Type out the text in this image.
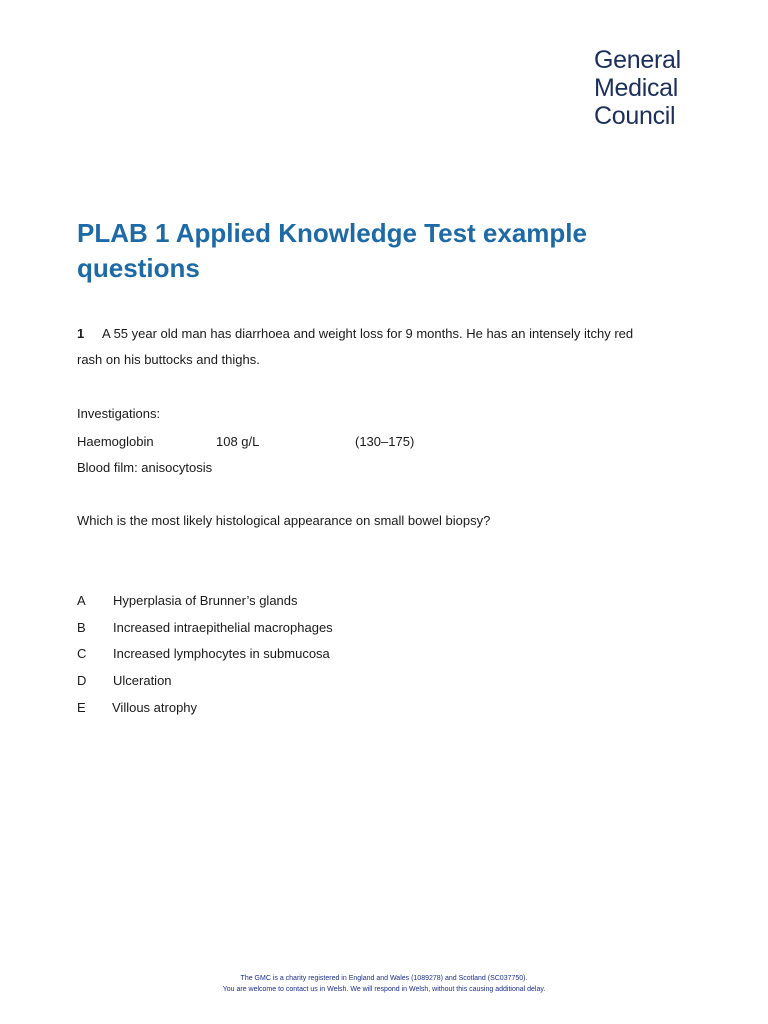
General
Medical
Council
PLAB 1 Applied Knowledge Test example questions
1 A 55 year old man has diarrhoea and weight loss for 9 months. He has an intensely itchy red
rash on his buttocks and thighs.
Investigations:
Haemoglobin	108 g/L	(130–175)
Blood film: anisocytosis
Which is the most likely histological appearance on small bowel biopsy?
A Hyperplasia of Brunner’s glands
B Increased intraepithelial macrophages
C Increased lymphocytes in submucosa
D Ulceration
E Villous atrophy
The GMC is a charity registered in England and Wales (1089278) and Scotland (SC037750).
You are welcome to contact us in Welsh. We will respond in Welsh, without this causing additional delay.
